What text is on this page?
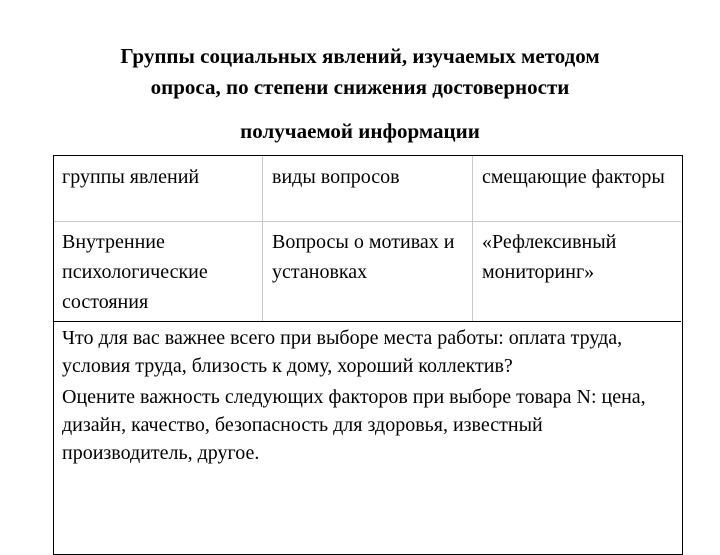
Группы социальных явлений, изучаемых методом
опроса, по степени снижения достоверности
получаемой информации
группы явлений	виды вопросов	смещающие факторы
Внутренние психологические состояния
Вопросы о мотивах и установках
«Рефлексивный мониторинг»

Что для вас важнее всего при выборе места работы: оплата труда, условия труда, близость к дому, хороший коллектив?

Оцените важность следующих факторов при выборе товара N: цена, дизайн, качество, безопасность для здоровья, известный производитель, другое.
